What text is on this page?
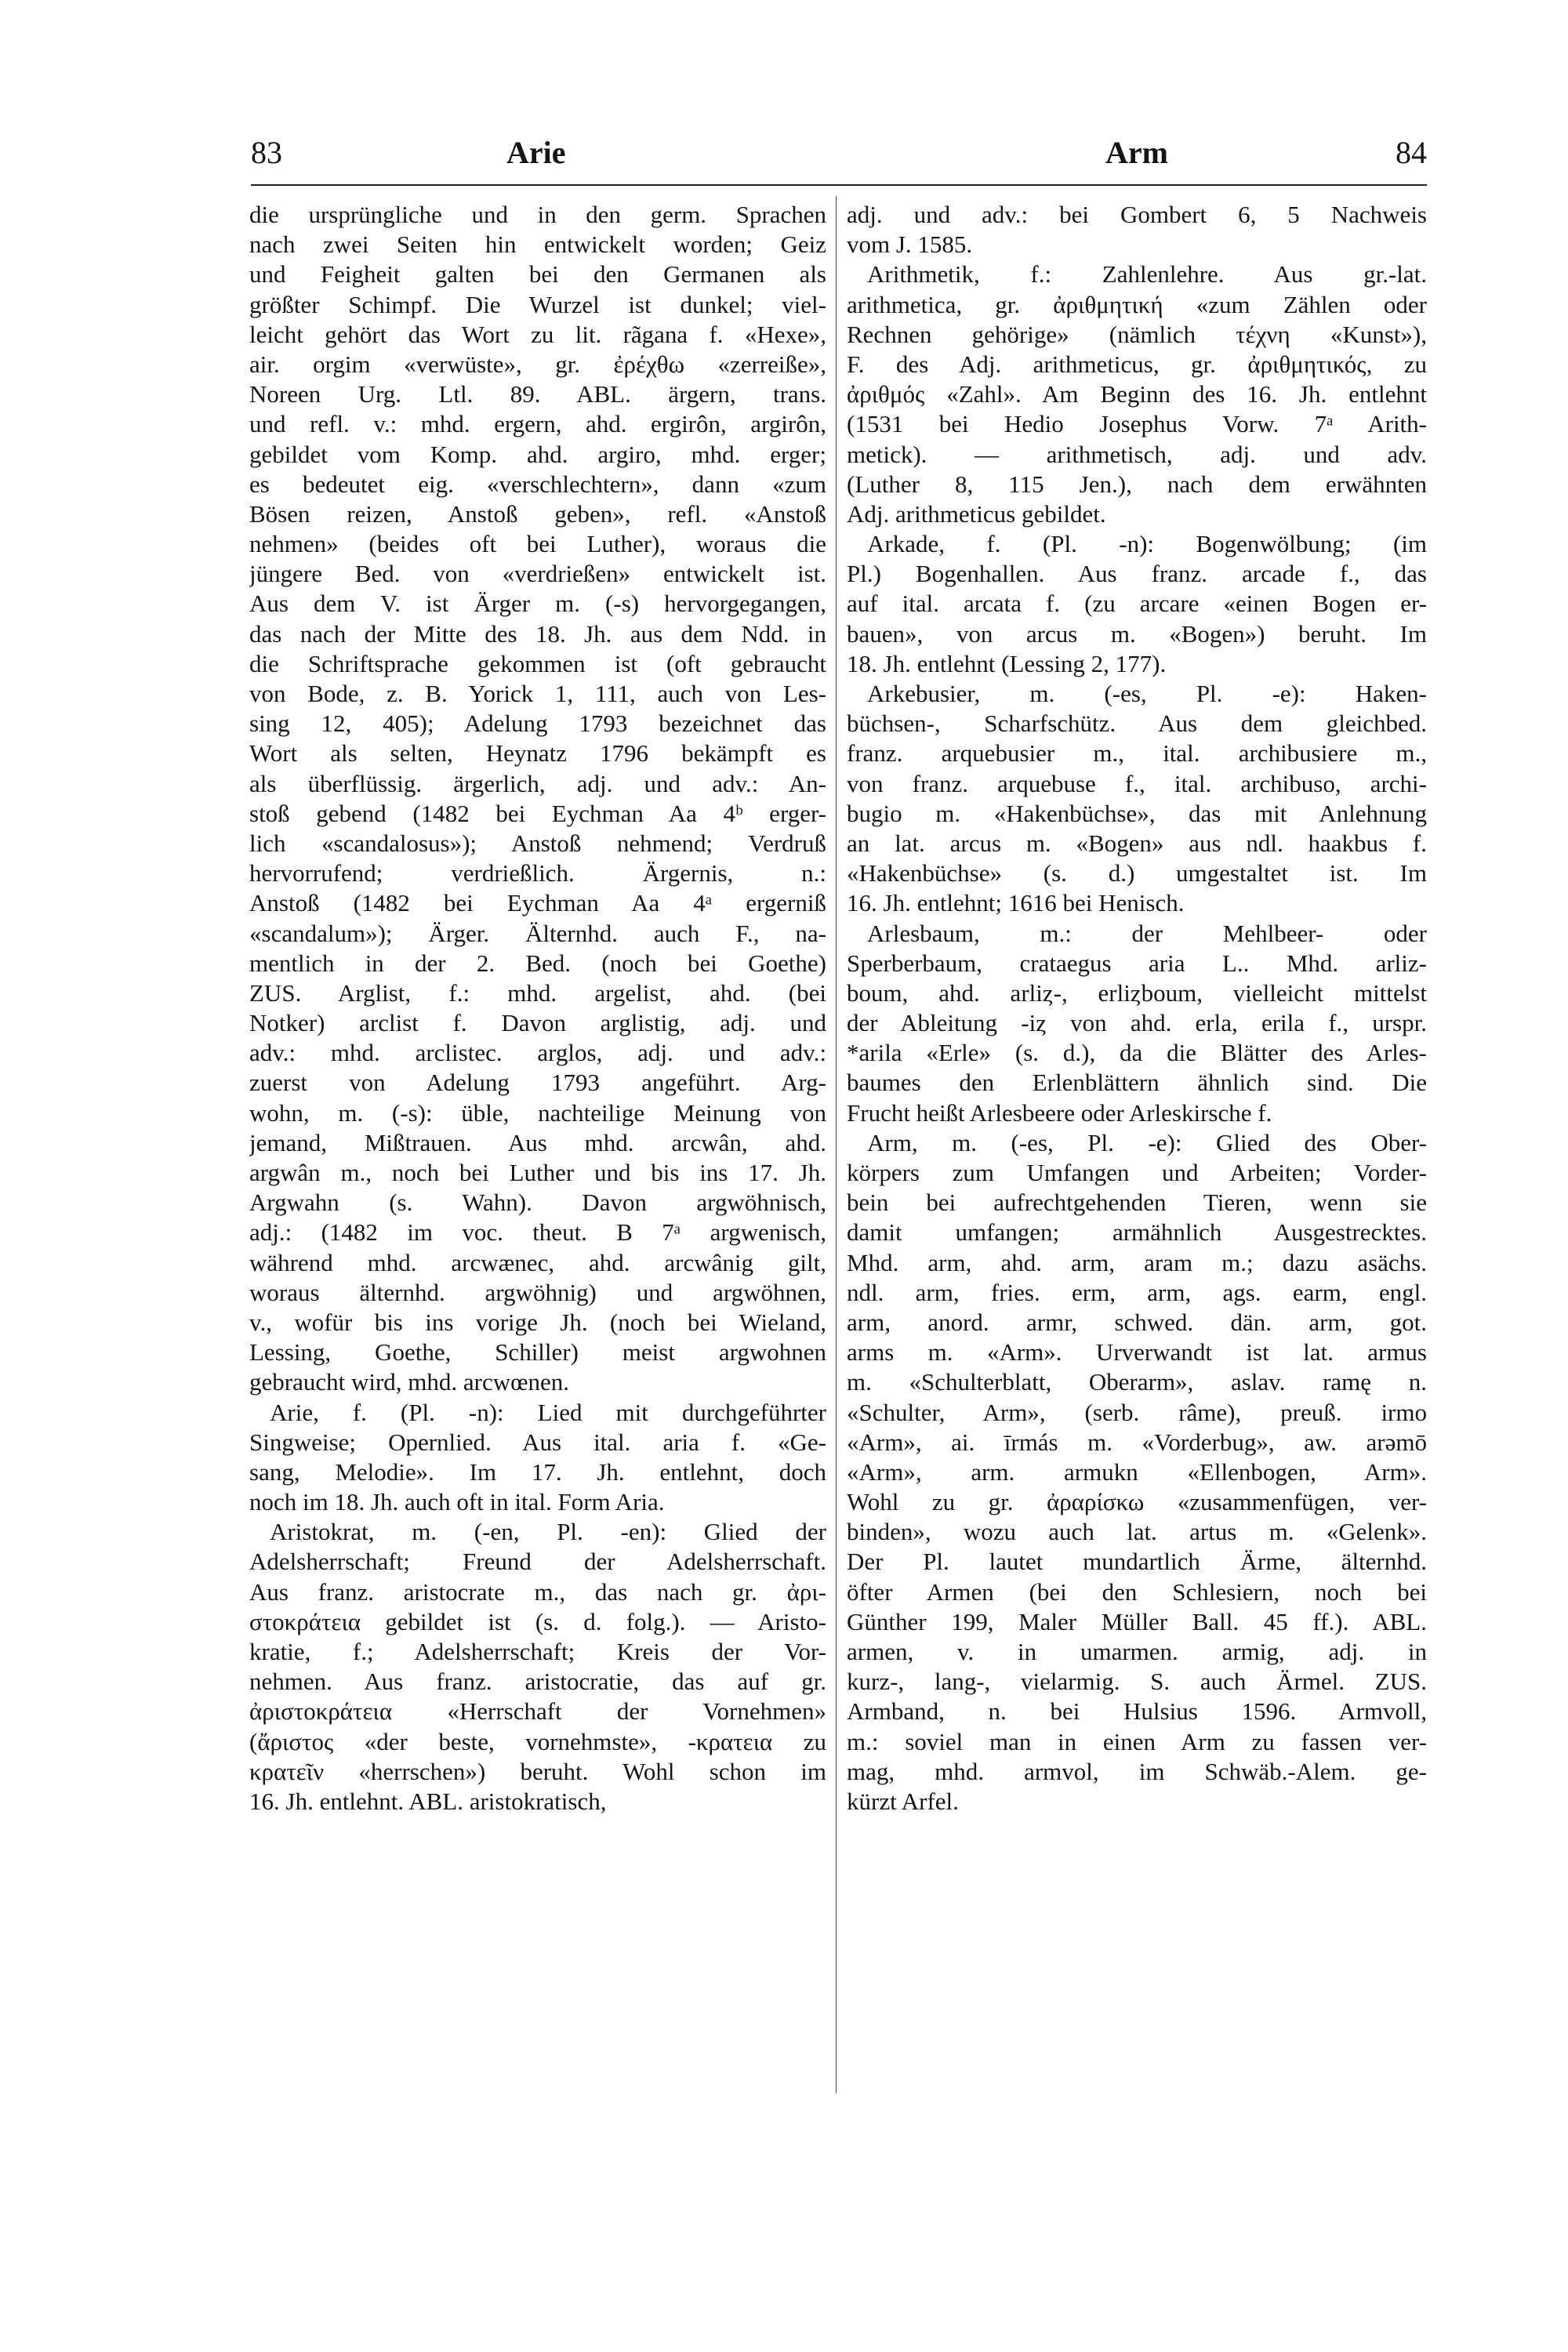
83	Arie	Arm	84
die ursprüngliche und in den germ. Sprachen
nach zwei Seiten hin entwickelt worden; Geiz
und Feigheit galten bei den Germanen als
größter Schimpf. Die Wurzel ist dunkel; viel-
leicht gehört das Wort zu lit. rãgana f. «Hexe»,
air. orgim «verwüste», gr. ἐρέχθω «zerreiße»,
Noreen Urg. Ltl. 89. ABL. ärgern, trans.
und refl. v.: mhd. ergern, ahd. ergirôn, argirôn,
gebildet vom Komp. ahd. argiro, mhd. erger;
es bedeutet eig. «verschlechtern», dann «zum
Bösen reizen, Anstoß geben», refl. «Anstoß
nehmen» (beides oft bei Luther), woraus die
jüngere Bed. von «verdrießen» entwickelt ist.
Aus dem V. ist Ärger m. (-s) hervorgegangen,
das nach der Mitte des 18. Jh. aus dem Ndd. in
die Schriftsprache gekommen ist (oft gebraucht
von Bode, z. B. Yorick 1, 111, auch von Les-
sing 12, 405); Adelung 1793 bezeichnet das
Wort als selten, Heynatz 1796 bekämpft es
als überflüssig. ärgerlich, adj. und adv.: An-
stoß gebend (1482 bei Eychman Aa 4ᵇ erger-
lich «scandalosus»); Anstoß nehmend; Verdruß
hervorrufend; verdrießlich. Ärgernis, n.:
Anstoß (1482 bei Eychman Aa 4ᵃ ergerniß
«scandalum»); Ärger. Älternhd. auch F., na-
mentlich in der 2. Bed. (noch bei Goethe)
ZUS. Arglist, f.: mhd. argelist, ahd. (bei
Notker) arclist f. Davon arglistig, adj. und
adv.: mhd. arclistec. arglos, adj. und adv.:
zuerst von Adelung 1793 angeführt. Arg-
wohn, m. (-s): üble, nachteilige Meinung von
jemand, Mißtrauen. Aus mhd. arcwân, ahd.
argwân m., noch bei Luther und bis ins 17. Jh.
Argwahn (s. Wahn). Davon argwöhnisch,
adj.: (1482 im voc. theut. B 7ᵃ argwenisch,
während mhd. arcwænec, ahd. arcwânig gilt,
woraus älternhd. argwöhnig) und argwöhnen,
v., wofür bis ins vorige Jh. (noch bei Wieland,
Lessing, Goethe, Schiller) meist argwohnen
gebraucht wird, mhd. arcwœnen.
Arie, f. (Pl. -n): Lied mit durchgeführter
Singweise; Opernlied. Aus ital. aria f. «Ge-
sang, Melodie». Im 17. Jh. entlehnt, doch
noch im 18. Jh. auch oft in ital. Form Aria.
Aristokrat, m. (-en, Pl. -en): Glied der
Adelsherrschaft; Freund der Adelsherrschaft.
Aus franz. aristocrate m., das nach gr. ἀρι-
στοκράτεια gebildet ist (s. d. folg.). — Aristo-
kratie, f.; Adelsherrschaft; Kreis der Vor-
nehmen. Aus franz. aristocratie, das auf gr.
ἀριστοκράτεια «Herrschaft der Vornehmen»
(ἄριστος «der beste, vornehmste», -κρατεια zu
κρατεῖν «herrschen») beruht. Wohl schon im
16. Jh. entlehnt. ABL. aristokratisch,
adj. und adv.: bei Gombert 6, 5 Nachweis
vom J. 1585.
Arithmetik, f.: Zahlenlehre. Aus gr.-lat.
arithmetica, gr. ἀριθμητική «zum Zählen oder
Rechnen gehörige» (nämlich τέχνη «Kunst»),
F. des Adj. arithmeticus, gr. ἀριθμητικός, zu
ἀριθμός «Zahl». Am Beginn des 16. Jh. entlehnt
(1531 bei Hedio Josephus Vorw. 7ᵃ Arith-
metick). — arithmetisch, adj. und adv.
(Luther 8, 115 Jen.), nach dem erwähnten
Adj. arithmeticus gebildet.
Arkade, f. (Pl. -n): Bogenwölbung; (im
Pl.) Bogenhallen. Aus franz. arcade f., das
auf ital. arcata f. (zu arcare «einen Bogen er-
bauen», von arcus m. «Bogen») beruht. Im
18. Jh. entlehnt (Lessing 2, 177).
Arkebusier, m. (-es, Pl. -e): Haken-
büchsen-, Scharfschütz. Aus dem gleichbed.
franz. arquebusier m., ital. archibusiere m.,
von franz. arquebuse f., ital. archibuso, archi-
bugio m. «Hakenbüchse», das mit Anlehnung
an lat. arcus m. «Bogen» aus ndl. haakbus f.
«Hakenbüchse» (s. d.) umgestaltet ist. Im
16. Jh. entlehnt; 1616 bei Henisch.
Arlesbaum, m.: der Mehlbeer- oder
Sperberbaum, crataegus aria L.. Mhd. arliz-
boum, ahd. arliȥ-, erliȥboum, vielleicht mittelst
der Ableitung -iȥ von ahd. erla, erila f., urspr.
*arila «Erle» (s. d.), da die Blätter des Arles-
baumes den Erlenblättern ähnlich sind. Die
Frucht heißt Arlesbeere oder Arleskirsche f.
Arm, m. (-es, Pl. -e): Glied des Ober-
körpers zum Umfangen und Arbeiten; Vorder-
bein bei aufrechtgehenden Tieren, wenn sie
damit umfangen; armähnlich Ausgestrecktes.
Mhd. arm, ahd. arm, aram m.; dazu asächs.
ndl. arm, fries. erm, arm, ags. earm, engl.
arm, anord. armr, schwed. dän. arm, got.
arms m. «Arm». Urverwandt ist lat. armus
m. «Schulterblatt, Oberarm», aslav. ramę n.
«Schulter, Arm», (serb. râme), preuß. irmo
«Arm», ai. īrmás m. «Vorderbug», aw. arəmō
«Arm», arm. armukn «Ellenbogen, Arm».
Wohl zu gr. ἀραρίσκω «zusammenfügen, ver-
binden», wozu auch lat. artus m. «Gelenk».
Der Pl. lautet mundartlich Ärme, älternhd.
öfter Armen (bei den Schlesiern, noch bei
Günther 199, Maler Müller Ball. 45 ff.). ABL.
armen, v. in umarmen. armig, adj. in
kurz-, lang-, vielarmig. S. auch Ärmel. ZUS.
Armband, n. bei Hulsius 1596. Armvoll,
m.: soviel man in einen Arm zu fassen ver-
mag, mhd. armvol, im Schwäb.-Alem. ge-
kürzt Arfel.
